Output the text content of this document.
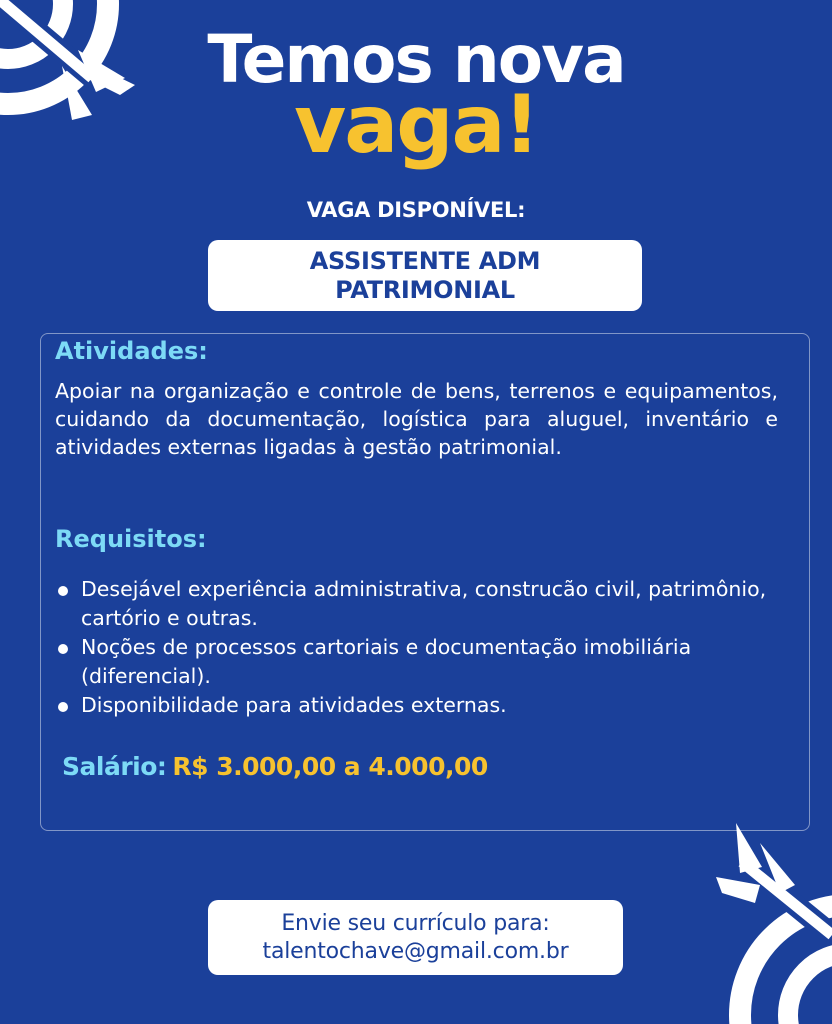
Temos nova
vaga!
VAGA DISPONÍVEL:
ASSISTENTE ADM
PATRIMONIAL
Atividades:

Apoiar na organização e controle de bens, terrenos e equipamentos, cuidando da documentação, logística para aluguel, inventário e atividades externas ligadas à gestão patrimonial.

Requisitos:
Desejável experiência administrativa, construcão civil, patrimônio, cartório e outras.
Noções de processos cartoriais e documentação imobiliária (diferencial).
Disponibilidade para atividades externas.
Salário: R$ 3.000,00 a 4.000,00
Envie seu currículo para:
talentochave@gmail.com.br
